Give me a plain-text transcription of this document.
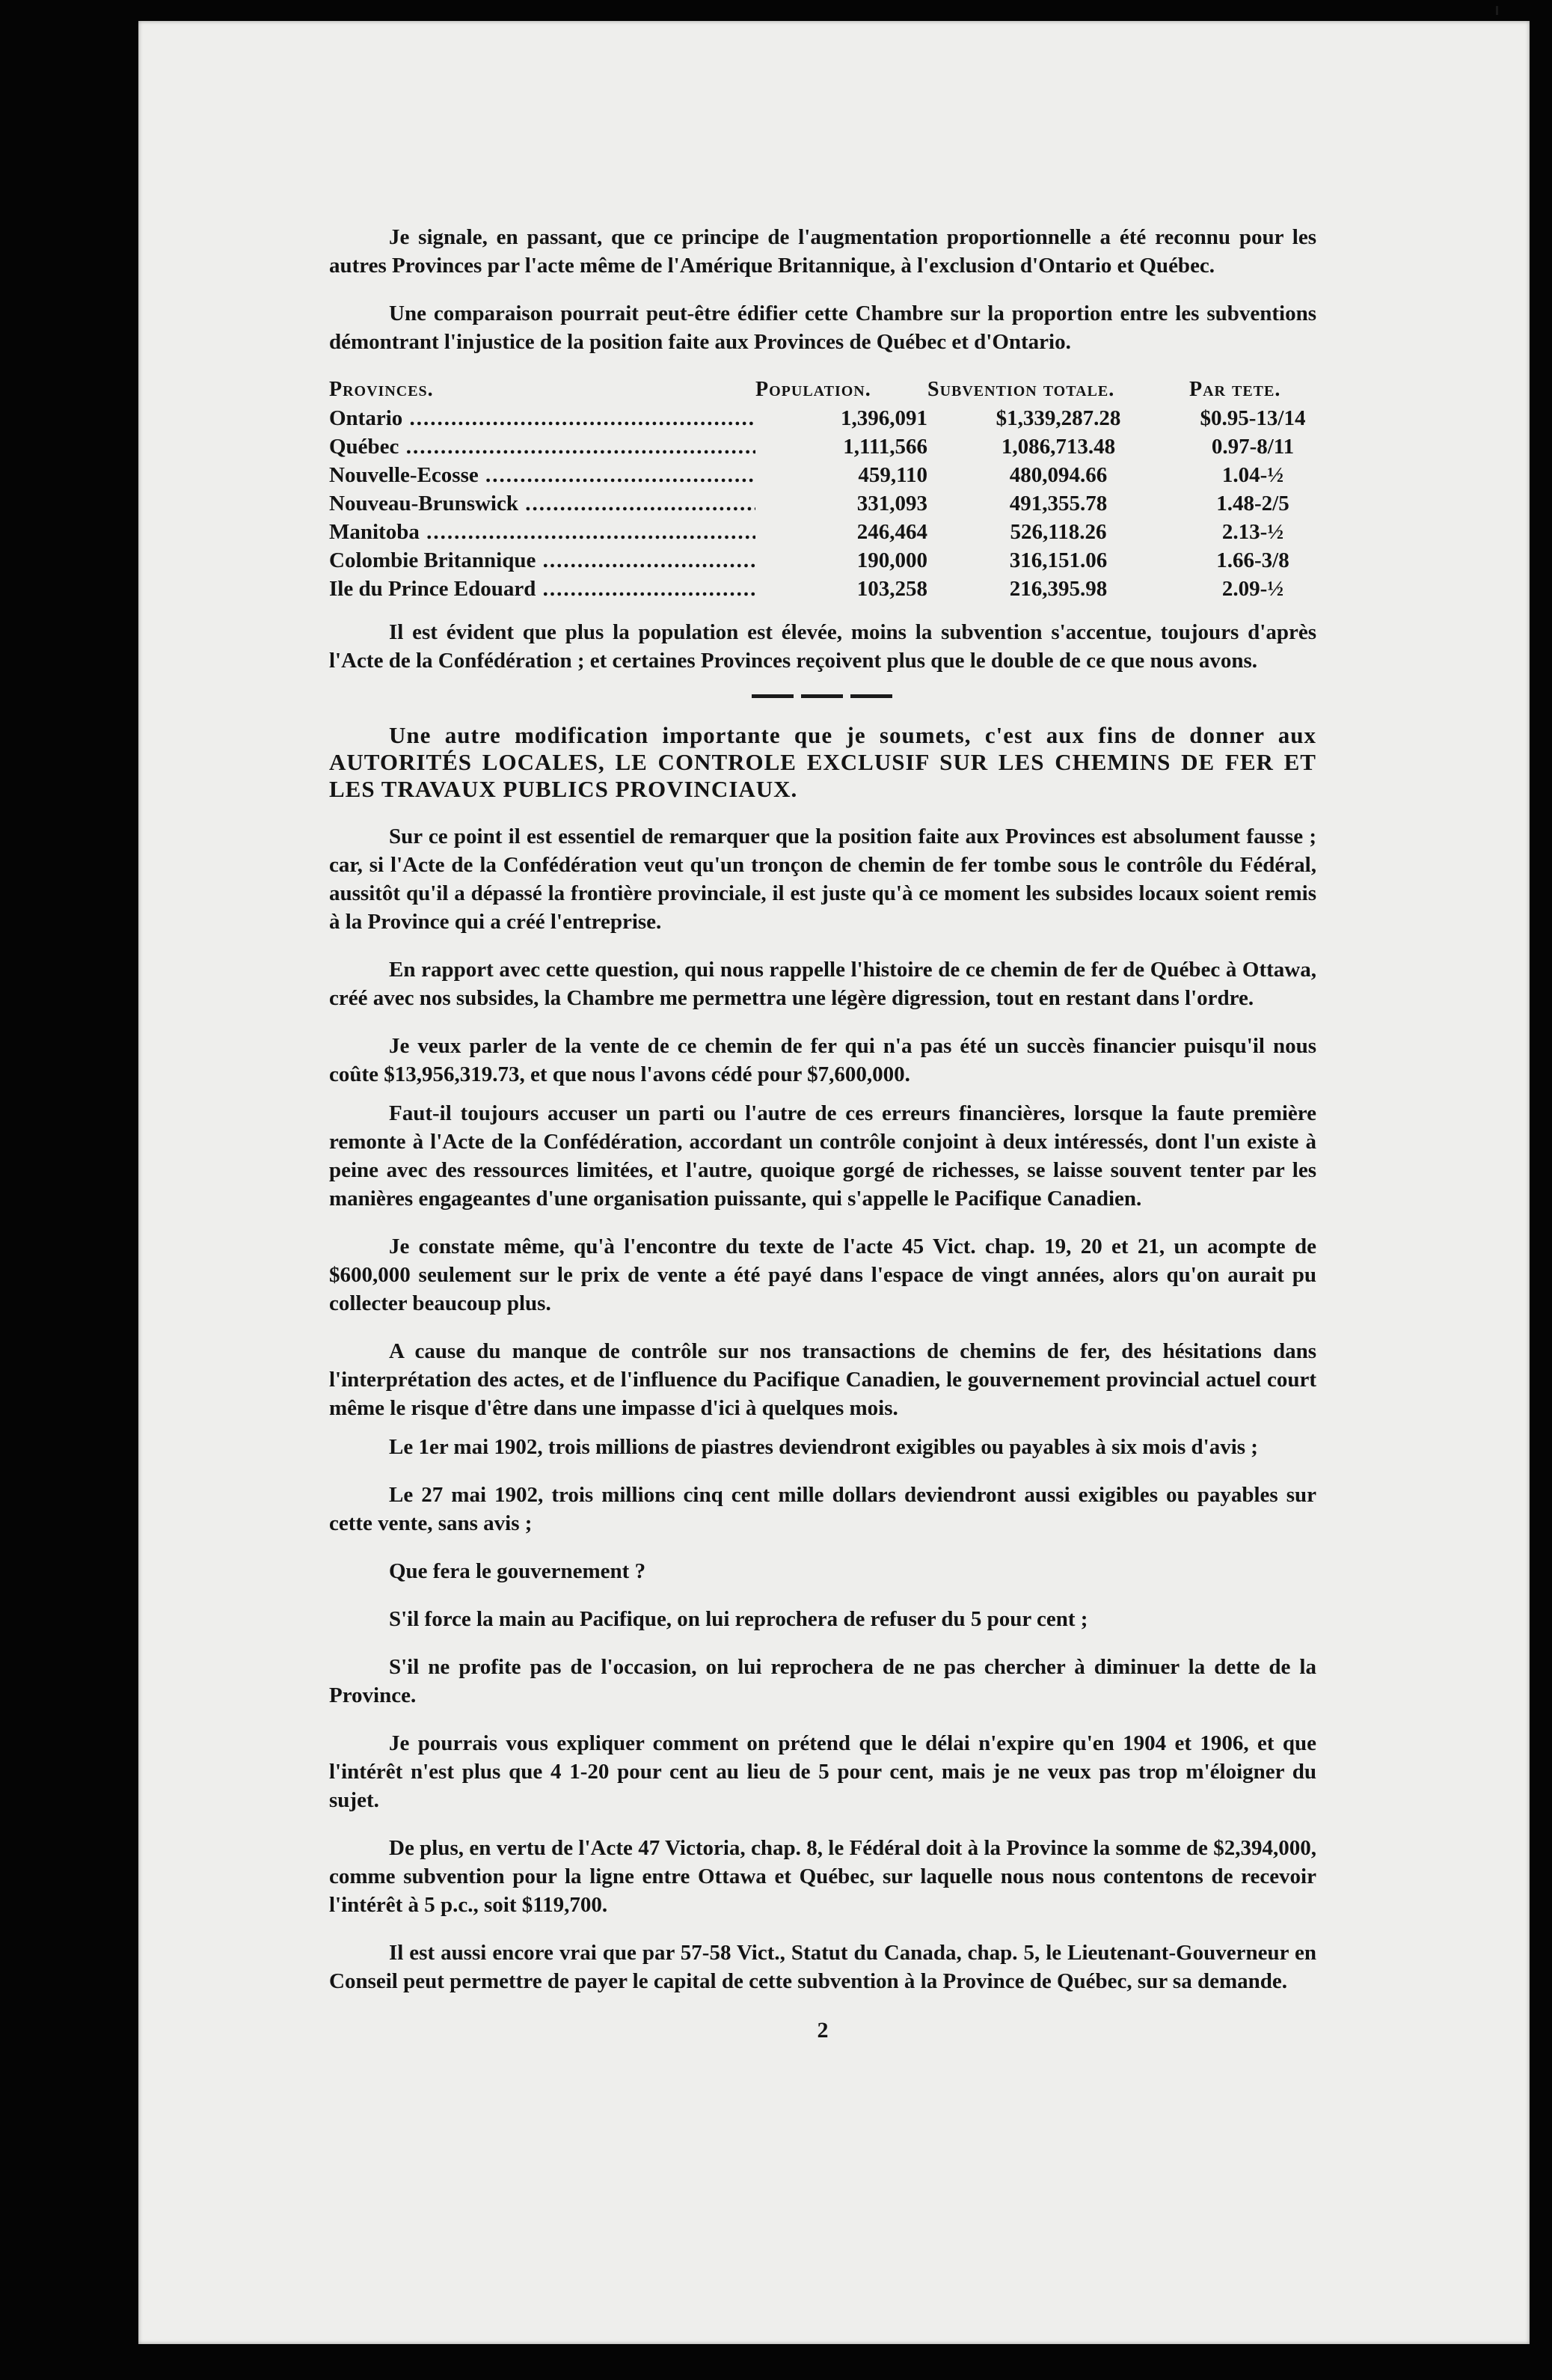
Je signale, en passant, que ce principe de l'augmentation proportionnelle a été reconnu pour les autres Provinces par l'acte même de l'Amérique Britannique, à l'exclusion d'Ontario et Québec.

Une comparaison pourrait peut-être édifier cette Chambre sur la proportion entre les subventions démontrant l'injustice de la position faite aux Provinces de Québec et d'Ontario.

Provinces.	Population.	Subvention totale.	Par tete.
Ontario .....	1,396,091	$1,339,287.28	$0.95-13/14
Québec .....	1,111,566	1,086,713.48	0.97-8/11
Nouvelle-Ecosse .....	459,110	480,094.66	1.04-½
Nouveau-Brunswick .....	331,093	491,355.78	1.48-2/5
Manitoba .....	246,464	526,118.26	2.13-½
Colombie Britannique .....	190,000	316,151.06	1.66-3/8
Ile du Prince Edouard .....	103,258	216,395.98	2.09-½

Il est évident que plus la population est élevée, moins la subvention s'accentue, toujours d'après l'Acte de la Confédération ; et certaines Provinces reçoivent plus que le double de ce que nous avons.

Une autre modification importante que je soumets, c'est aux fins de donner aux AUTORITÉS LOCALES, LE CONTROLE EXCLUSIF SUR LES CHEMINS DE FER ET LES TRAVAUX PUBLICS PROVINCIAUX.

Sur ce point il est essentiel de remarquer que la position faite aux Provinces est absolument fausse ; car, si l'Acte de la Confédération veut qu'un tronçon de chemin de fer tombe sous le contrôle du Fédéral, aussitôt qu'il a dépassé la frontière provinciale, il est juste qu'à ce moment les subsides locaux soient remis à la Province qui a créé l'entreprise.

En rapport avec cette question, qui nous rappelle l'histoire de ce chemin de fer de Québec à Ottawa, créé avec nos subsides, la Chambre me permettra une légère digression, tout en restant dans l'ordre.

Je veux parler de la vente de ce chemin de fer qui n'a pas été un succès financier puisqu'il nous coûte $13,956,319.73, et que nous l'avons cédé pour $7,600,000.

Faut-il toujours accuser un parti ou l'autre de ces erreurs financières, lorsque la faute première remonte à l'Acte de la Confédération, accordant un contrôle conjoint à deux intéressés, dont l'un existe à peine avec des ressources limitées, et l'autre, quoique gorgé de richesses, se laisse souvent tenter par les manières engageantes d'une organisation puissante, qui s'appelle le Pacifique Canadien.

Je constate même, qu'à l'encontre du texte de l'acte 45 Vict. chap. 19, 20 et 21, un acompte de $600,000 seulement sur le prix de vente a été payé dans l'espace de vingt années, alors qu'on aurait pu collecter beaucoup plus.

A cause du manque de contrôle sur nos transactions de chemins de fer, des hésitations dans l'interprétation des actes, et de l'influence du Pacifique Canadien, le gouvernement provincial actuel court même le risque d'être dans une impasse d'ici à quelques mois.

Le 1er mai 1902, trois millions de piastres deviendront exigibles ou payables à six mois d'avis ;

Le 27 mai 1902, trois millions cinq cent mille dollars deviendront aussi exigibles ou payables sur cette vente, sans avis ;

Que fera le gouvernement ?

S'il force la main au Pacifique, on lui reprochera de refuser du 5 pour cent ;

S'il ne profite pas de l'occasion, on lui reprochera de ne pas chercher à diminuer la dette de la Province.

Je pourrais vous expliquer comment on prétend que le délai n'expire qu'en 1904 et 1906, et que l'intérêt n'est plus que 4 1-20 pour cent au lieu de 5 pour cent, mais je ne veux pas trop m'éloigner du sujet.

De plus, en vertu de l'Acte 47 Victoria, chap. 8, le Fédéral doit à la Province la somme de $2,394,000, comme subvention pour la ligne entre Ottawa et Québec, sur laquelle nous nous contentons de recevoir l'intérêt à 5 p.c., soit $119,700.

Il est aussi encore vrai que par 57-58 Vict., Statut du Canada, chap. 5, le Lieutenant-Gouverneur en Conseil peut permettre de payer le capital de cette subvention à la Province de Québec, sur sa demande.

2
